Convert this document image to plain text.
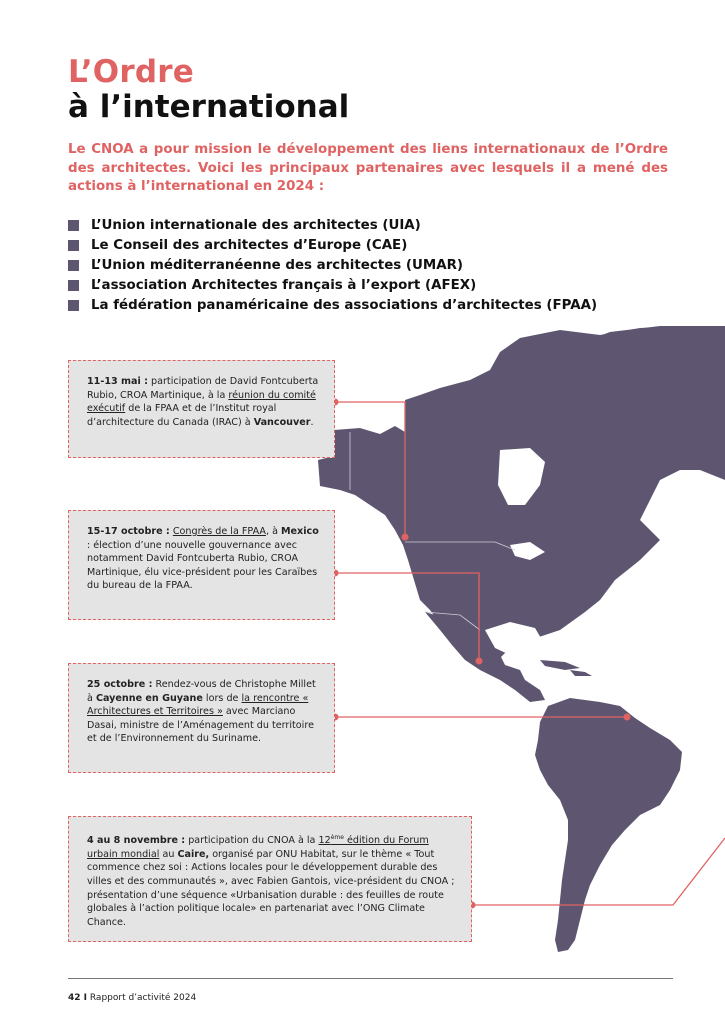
L’Ordre
à l’international
Le CNOA a pour mission le développement des liens internationaux de l’Ordre des architectes. Voici les principaux partenaires avec lesquels il a mené des actions à l’international en 2024 :
L’Union internationale des architectes (UIA)
Le Conseil des architectes d’Europe (CAE)
L’Union méditerranéenne des architectes (UMAR)
L’association Architectes français à l’export (AFEX)
La fédération panaméricaine des associations d’architectes (FPAA)
11-13 mai : participation de David Fontcuberta Rubio, CROA Martinique, à la réunion du comité exécutif de la FPAA et de l’Institut royal d’architecture du Canada (IRAC) à Vancouver.
15-17 octobre : Congrès de la FPAA, à Mexico : élection d’une nouvelle gouvernance avec notamment David Fontcuberta Rubio, CROA Martinique, élu vice-président pour les Caraïbes du bureau de la FPAA.
25 octobre : Rendez-vous de Christophe Millet à Cayenne en Guyane lors de la rencontre « Architectures et Territoires » avec Marciano Dasai, ministre de l’Aménagement du territoire et de l’Environnement du Suriname.
4 au 8 novembre : participation du CNOA à la 12ème édition du Forum urbain mondial au Caire, organisé par ONU Habitat, sur le thème « Tout commence chez soi : Actions locales pour le développement durable des villes et des communautés », avec Fabien Gantois, vice-président du CNOA ; présentation d’une séquence «Urbanisation durable : des feuilles de route globales à l’action politique locale» en partenariat avec l’ONG Climate Chance.
42 I Rapport d’activité 2024
